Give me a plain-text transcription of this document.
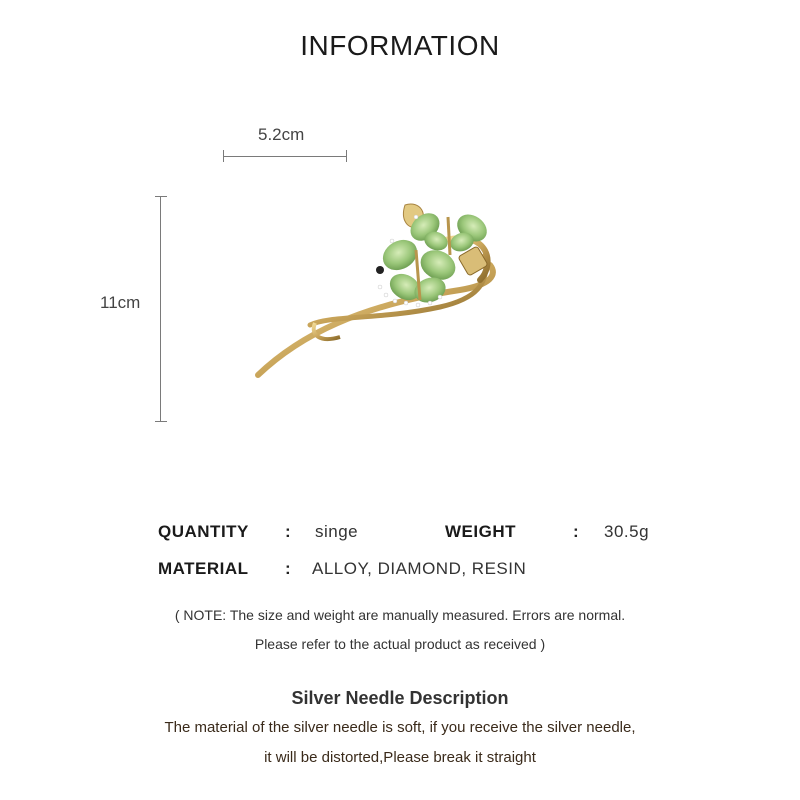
INFORMATION
5.2cm
11cm
QUANTITY : singe	WEIGHT	: 30.5g
MATERIAL : ALLOY, DIAMOND, RESIN
( NOTE: The size and weight are manually measured. Errors are normal.
Please refer to the actual product as received )
Silver Needle Description
The material of the silver needle is soft, if you receive the silver needle,
it will be distorted,Please break it straight
